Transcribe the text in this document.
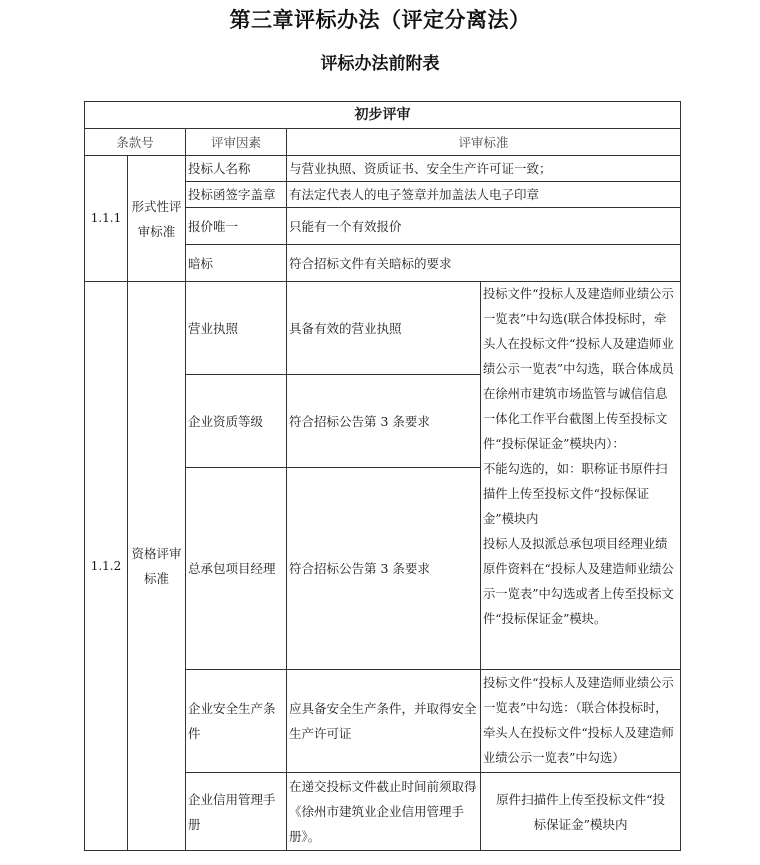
第三章评标办法（评定分离法）
评标办法前附表
初步评审				
条款号		评审因素	评审标准	
1.1.1	形式性评审标准	投标人名称	与营业执照、资质证书、安全生产许可证一致；	
		投标函签字盖章	有法定代表人的电子签章并加盖法人电子印章	
		报价唯一	只能有一个有效报价	
		暗标	符合招标文件有关暗标的要求	
1.1.2	资格评审标准	营业执照	具备有效的营业执照	投标文件“投标人及建造师业绩公示一览表”中勾选(联合体投标时，牵头人在投标文件“投标人及建造师业绩公示一览表”中勾选，联合体成员在徐州市建筑市场监管与诚信信息一体化工作平台截图上传至投标文件“投标保证金”模块内）：
不能勾选的，如：职称证书原件扫描件上传至投标文件“投标保证金”模块内
投标人及拟派总承包项目经理业绩原件资料在“投标人及建造师业绩公示一览表”中勾选或者上传至投标文件“投标保证金”模块。

		企业资质等级	符合招标公告第 3 条要求	
		总承包项目经理	符合招标公告第 3 条要求	
		企业安全生产条件	应具备安全生产条件，并取得安全生产许可证	投标文件“投标人及建造师业绩公示一览表”中勾选：（联合体投标时，牵头人在投标文件“投标人及建造师业绩公示一览表”中勾选）
		企业信用管理手册	在递交投标文件截止时间前须取得《徐州市建筑业企业信用管理手册》。	原件扫描件上传至投标文件“投标保证金”模块内
